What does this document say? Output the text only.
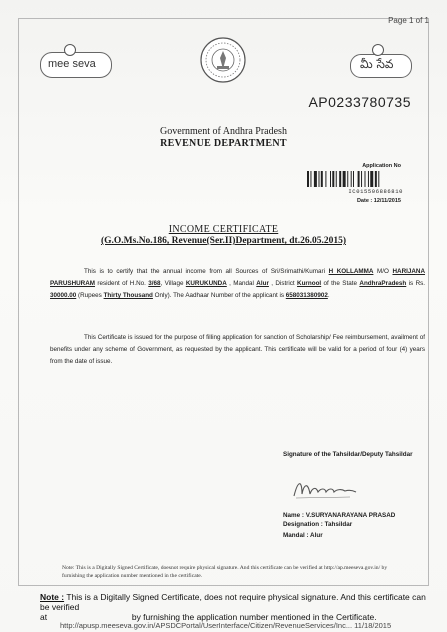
Page 1 of 1
mee seva	మీ సేవ
AP0233780735
Government of Andhra Pradesh
REVENUE DEPARTMENT
Application No
IC015506886810
Date : 12/11/2015
INCOME CERTIFICATE
(G.O.Ms.No.186, Revenue(Ser.II)Department, dt.26.05.2015)
This is to certify that the annual income from all Sources of Sri/Srimathi/Kumari H KOLLAMMA M/O HARIJANA PARUSHURAM resident of H.No. 3/68, Village KURUKUNDA , Mandal Alur , District Kurnool of the State AndhraPradesh is Rs. 30000.00 (Rupees Thirty Thousand Only). The Aadhaar Number of the applicant is 658031380902.
This Certificate is issued for the purpose of filling application for sanction of Scholarship/ Fee reimbursement, availment of benefits under any scheme of Government, as requested by the applicant. This certificate will be valid for a period of four (4) years from the date of issue.
Signature of the Tahsildar/Deputy Tahsildar
Name : V.SURYANARAYANA PRASAD
Designation : Tahsildar
Mandal : Alur
Note: This is a Digitally Signed Certificate, doesnot require physical signature. And this certificate can be verified at http://ap.meeseva.gov.in/ by furnishing the application number mentioned in the certificate.
Note : This is a Digitally Signed Certificate, does not require physical signature. And this certificate can be verified
at	by furnishing the application number mentioned in the Certificate.
http://apusp.meeseva.gov.in/APSDCPortal/UserInterface/Citizen/RevenueServices/Inc... 11/18/2015
